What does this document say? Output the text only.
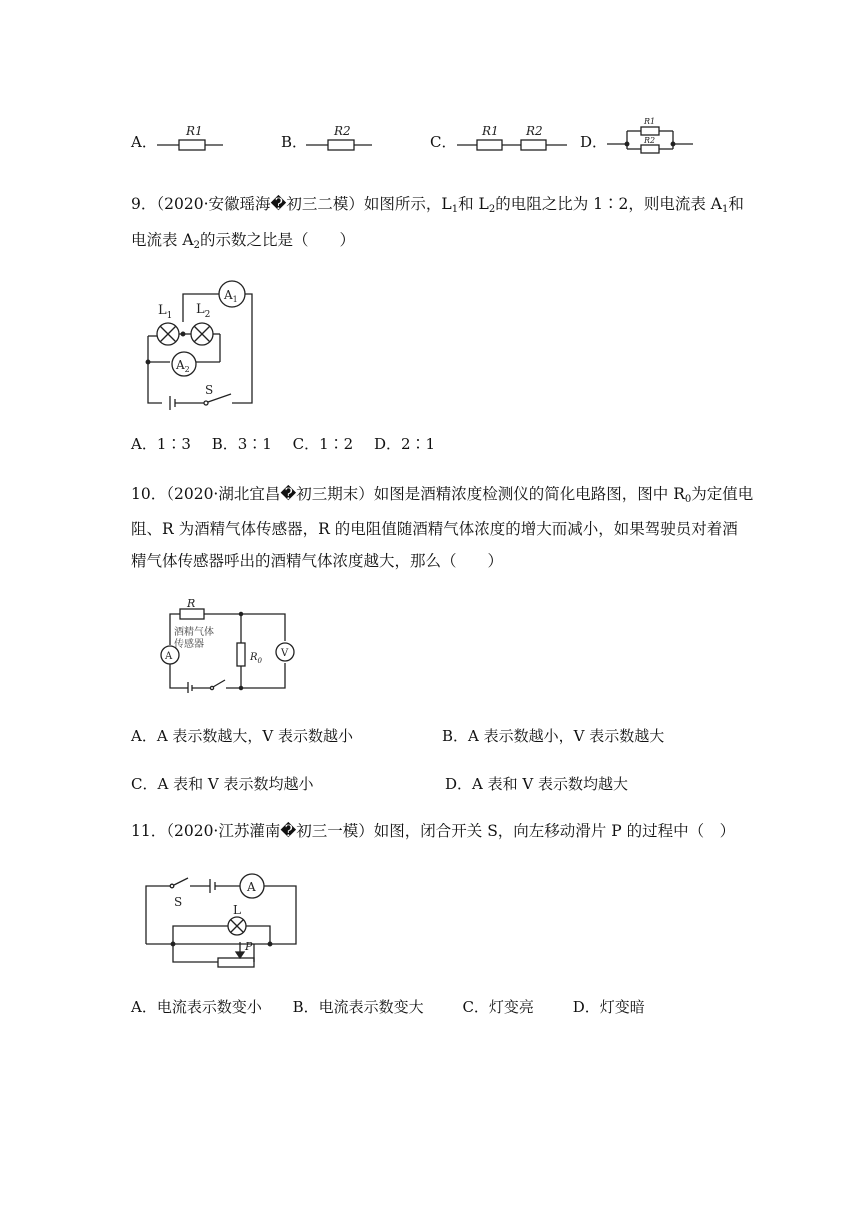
A．
R1
B．
R2
C．
R1 R2
D．
R1
R2
9．（2020·安徽瑶海�初三二模）如图所示，$L_1$和 $L_2$的电阻之比为 1∶2，则电流表 $A_1$和
电流表 $A_2$的示数之比是（　　）
$A_1$
$L_1$ $L_2$
$A_2$
S
A．1∶3 B．3∶1 C．1∶2 D．2∶1
10．（2020·湖北宜昌�初三期末）如图是酒精浓度检测仪的简化电路图，图中 $R_0$为定值电
阻、R 为酒精气体传感器，R 的电阻值随酒精气体浓度的增大而减小，如果驾驶员对着酒
精气体传感器呼出的酒精气体浓度越大，那么（　　）
R
酒精气体
传感器
A	$R_0$
V
A．A 表示数越大，V 表示数越小	B．A 表示数越小，V 表示数越大
C．A 表和 V 表示数均越小	D．A 表和 V 表示数均越大
11．（2020·江苏灌南�初三一模）如图，闭合开关 S，向左移动滑片 P 的过程中（　）
A
S
L
P
A．电流表示数变小 B．电流表示数变大	C．灯变亮	D．灯变暗
